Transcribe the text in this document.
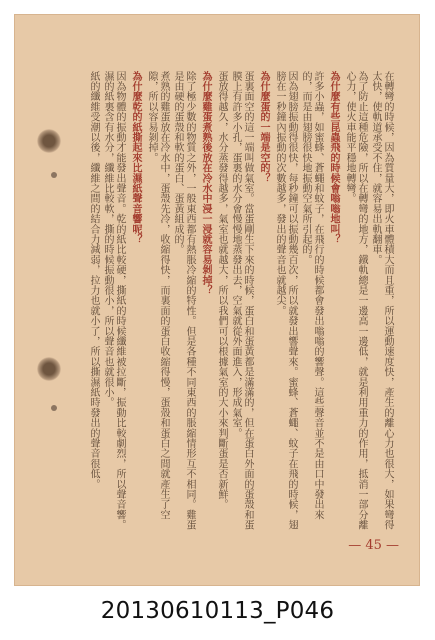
在轉彎的時候，因為質量大，即火車體積大而且重，所以運動速度快，產生的離心力也很大，如果彎得太快，使軌道承受不住，就容易出軌翻車。
為了防止這種危險，所以在轉彎的地方，鐵軌總是一邊高一邊低，就是利用重力的作用，抵消一部分離心力，使火車能平穩地轉彎。
為什麼有些昆蟲飛的時候會嗡嗡地叫？
許多小蟲，如蜜蜂、蒼蠅和蚊子，在飛行的時候都會發出嗡嗡的響聲。這些聲音並不是由口中發出來的，而是由翅膀很快地振動空氣所引起的。
因為翅膀振動得很快，每秒鐘可以振動幾百次，所以就發出響聲來。蜜蜂、蒼蠅、蚊子在飛的時候，翅膀在一秒鐘內振動的次數越多，發出的聲音也就越尖。
為什麼蛋的一端是空的？
蛋裏面空的這一端叫做氣室。當蛋剛生下來的時候，蛋白和蛋黃都是滿滿的，但在蛋白外面的蛋殼和蛋膜上有許多小孔，蛋裏的水分會慢慢地蒸發出去，空氣就從外面進入，形成氣室。
蛋放得越久，水分蒸發得越多，氣室也就越大，所以我們可以根據氣室的大小來判斷蛋是否新鮮。
為什麼雞蛋煮熟後放在冷水中浸一浸就容易剝掉？
除了極少數的物質之外，一般東西都有熱脹冷縮的特性。但是各種不同東西的脹縮情形互不相同。雞蛋是由硬的蛋殼和軟的蛋白、蛋黃組成的。
煮熟的雞蛋放在冷水中，蛋殼先冷，收縮得快，而裏面的蛋白收縮得慢，蛋殼和蛋白之間就產生了空隙，所以容易剝掉。
為什麼乾的紙撕起來比濕紙聲音響呢？
因為物體的振動才能發出聲音。乾的紙比較硬，撕紙的時候纖維被拉斷，振動比較劇烈，所以聲音響。濕的紙裏含有水分，纖維比較軟，撕的時候振動很小，所以聲音也就很小。
紙的纖維受潮以後，纖維之間的結合力減弱，拉力也就小了，所以撕濕紙時發出的聲音很低。
— 45 —
20130610113_P046
